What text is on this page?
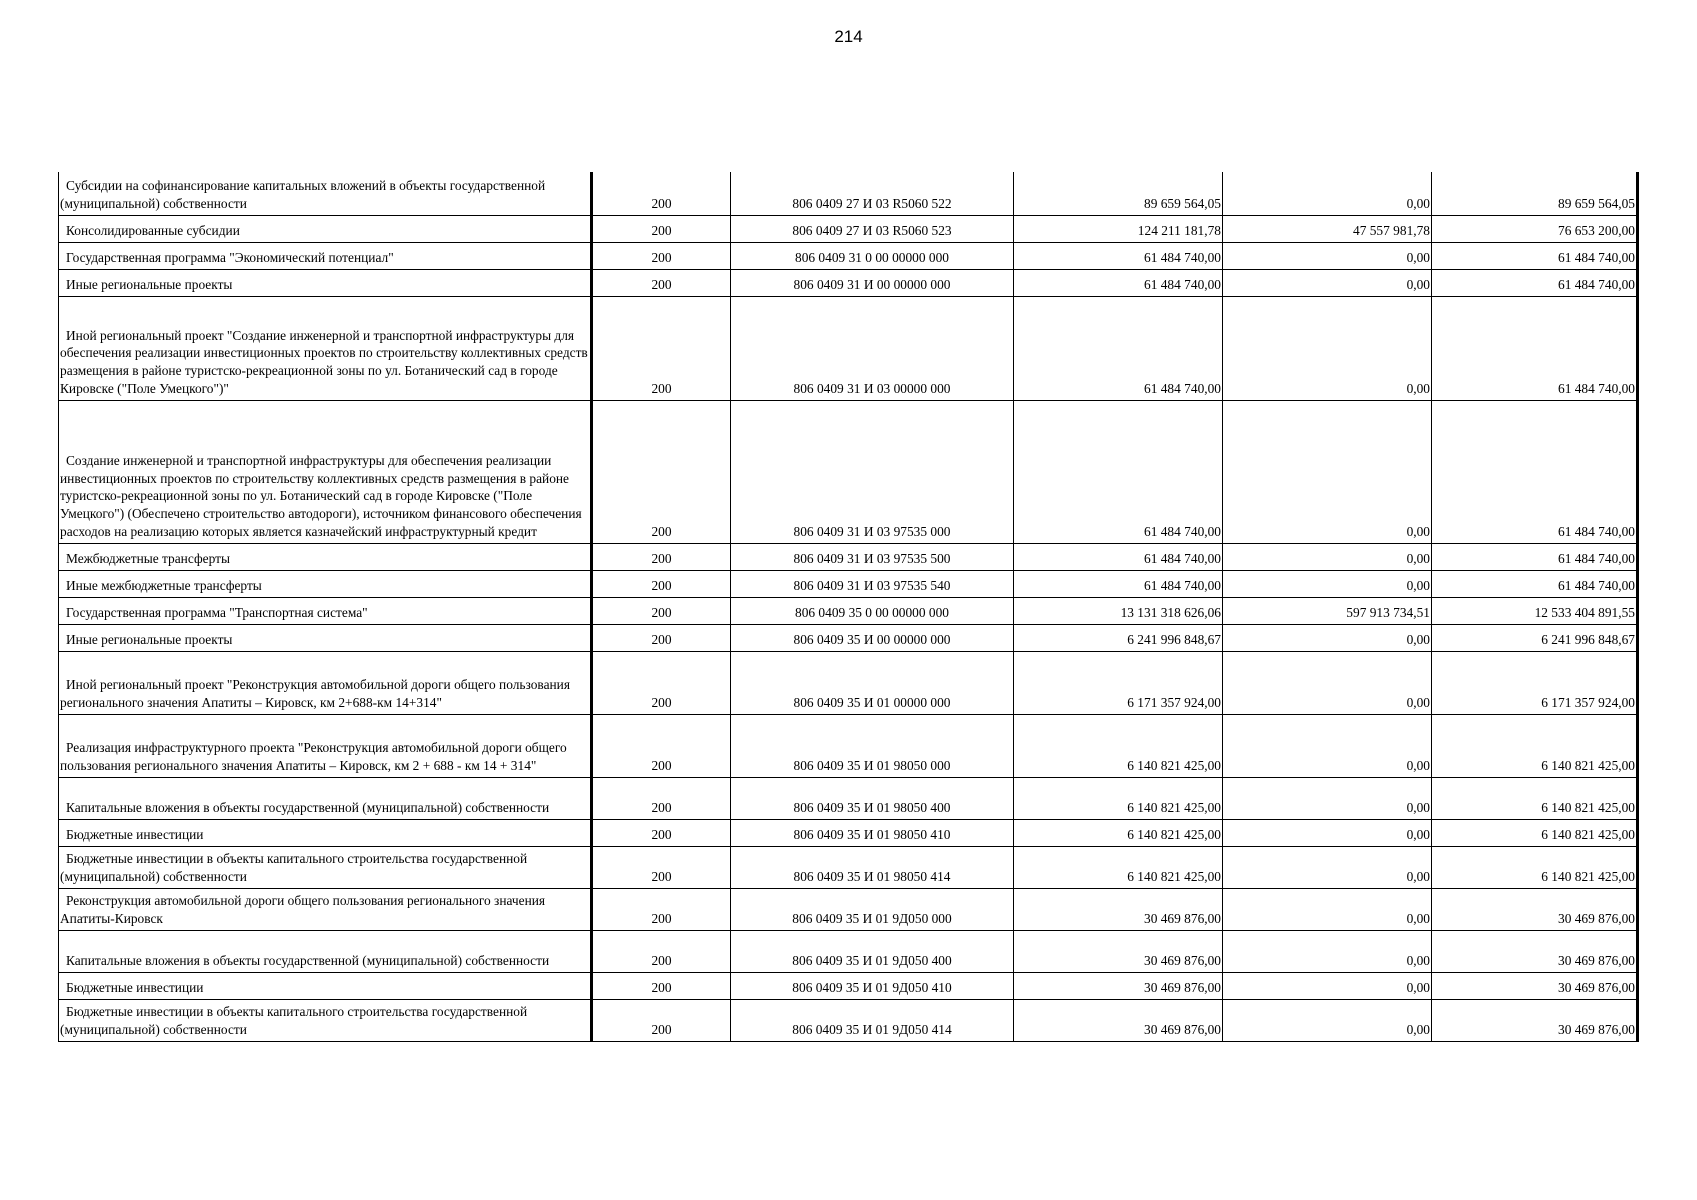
214
Субсидии на софинансирование капитальных вложений в объекты государственной (муниципальной) собственности	200	806 0409 27 И 03 R5060 522	89 659 564,05	0,00	89 659 564,05
Консолидированные субсидии	200	806 0409 27 И 03 R5060 523	124 211 181,78	47 557 981,78	76 653 200,00
Государственная программа "Экономический потенциал"	200	806 0409 31 0 00 00000 000	61 484 740,00	0,00	61 484 740,00
Иные региональные проекты	200	806 0409 31 И 00 00000 000	61 484 740,00	0,00	61 484 740,00
Иной региональный проект "Создание инженерной и транспортной инфраструктуры для обеспечения реализации инвестиционных проектов по строительству коллективных средств размещения в районе туристско-рекреационной зоны по ул. Ботанический сад в городе Кировске ("Поле Умецкого")"	200	806 0409 31 И 03 00000 000	61 484 740,00	0,00	61 484 740,00
Создание инженерной и транспортной инфраструктуры для обеспечения реализации инвестиционных проектов по строительству коллективных средств размещения в районе туристско-рекреационной зоны по ул. Ботанический сад в городе Кировске ("Поле Умецкого") (Обеспечено строительство автодороги), источником финансового обеспечения расходов на реализацию которых является казначейский инфраструктурный кредит	200	806 0409 31 И 03 97535 000	61 484 740,00	0,00	61 484 740,00
Межбюджетные трансферты	200	806 0409 31 И 03 97535 500	61 484 740,00	0,00	61 484 740,00
Иные межбюджетные трансферты	200	806 0409 31 И 03 97535 540	61 484 740,00	0,00	61 484 740,00
Государственная программа "Транспортная система"	200	806 0409 35 0 00 00000 000	13 131 318 626,06	597 913 734,51	12 533 404 891,55
Иные региональные проекты	200	806 0409 35 И 00 00000 000	6 241 996 848,67	0,00	6 241 996 848,67
Иной региональный проект "Реконструкция автомобильной дороги общего пользования регионального значения Апатиты – Кировск, км 2+688-км 14+314"	200	806 0409 35 И 01 00000 000	6 171 357 924,00	0,00	6 171 357 924,00
Реализация инфраструктурного проекта "Реконструкция автомобильной дороги общего пользования регионального значения Апатиты – Кировск, км 2 + 688 - км 14 + 314"	200	806 0409 35 И 01 98050 000	6 140 821 425,00	0,00	6 140 821 425,00
Капитальные вложения в объекты государственной (муниципальной) собственности	200	806 0409 35 И 01 98050 400	6 140 821 425,00	0,00	6 140 821 425,00
Бюджетные инвестиции	200	806 0409 35 И 01 98050 410	6 140 821 425,00	0,00	6 140 821 425,00
Бюджетные инвестиции в объекты капитального строительства государственной (муниципальной) собственности	200	806 0409 35 И 01 98050 414	6 140 821 425,00	0,00	6 140 821 425,00
Реконструкция автомобильной дороги общего пользования регионального значения Апатиты-Кировск	200	806 0409 35 И 01 9Д050 000	30 469 876,00	0,00	30 469 876,00
Капитальные вложения в объекты государственной (муниципальной) собственности	200	806 0409 35 И 01 9Д050 400	30 469 876,00	0,00	30 469 876,00
Бюджетные инвестиции	200	806 0409 35 И 01 9Д050 410	30 469 876,00	0,00	30 469 876,00
Бюджетные инвестиции в объекты капитального строительства государственной (муниципальной) собственности	200	806 0409 35 И 01 9Д050 414	30 469 876,00	0,00	30 469 876,00
